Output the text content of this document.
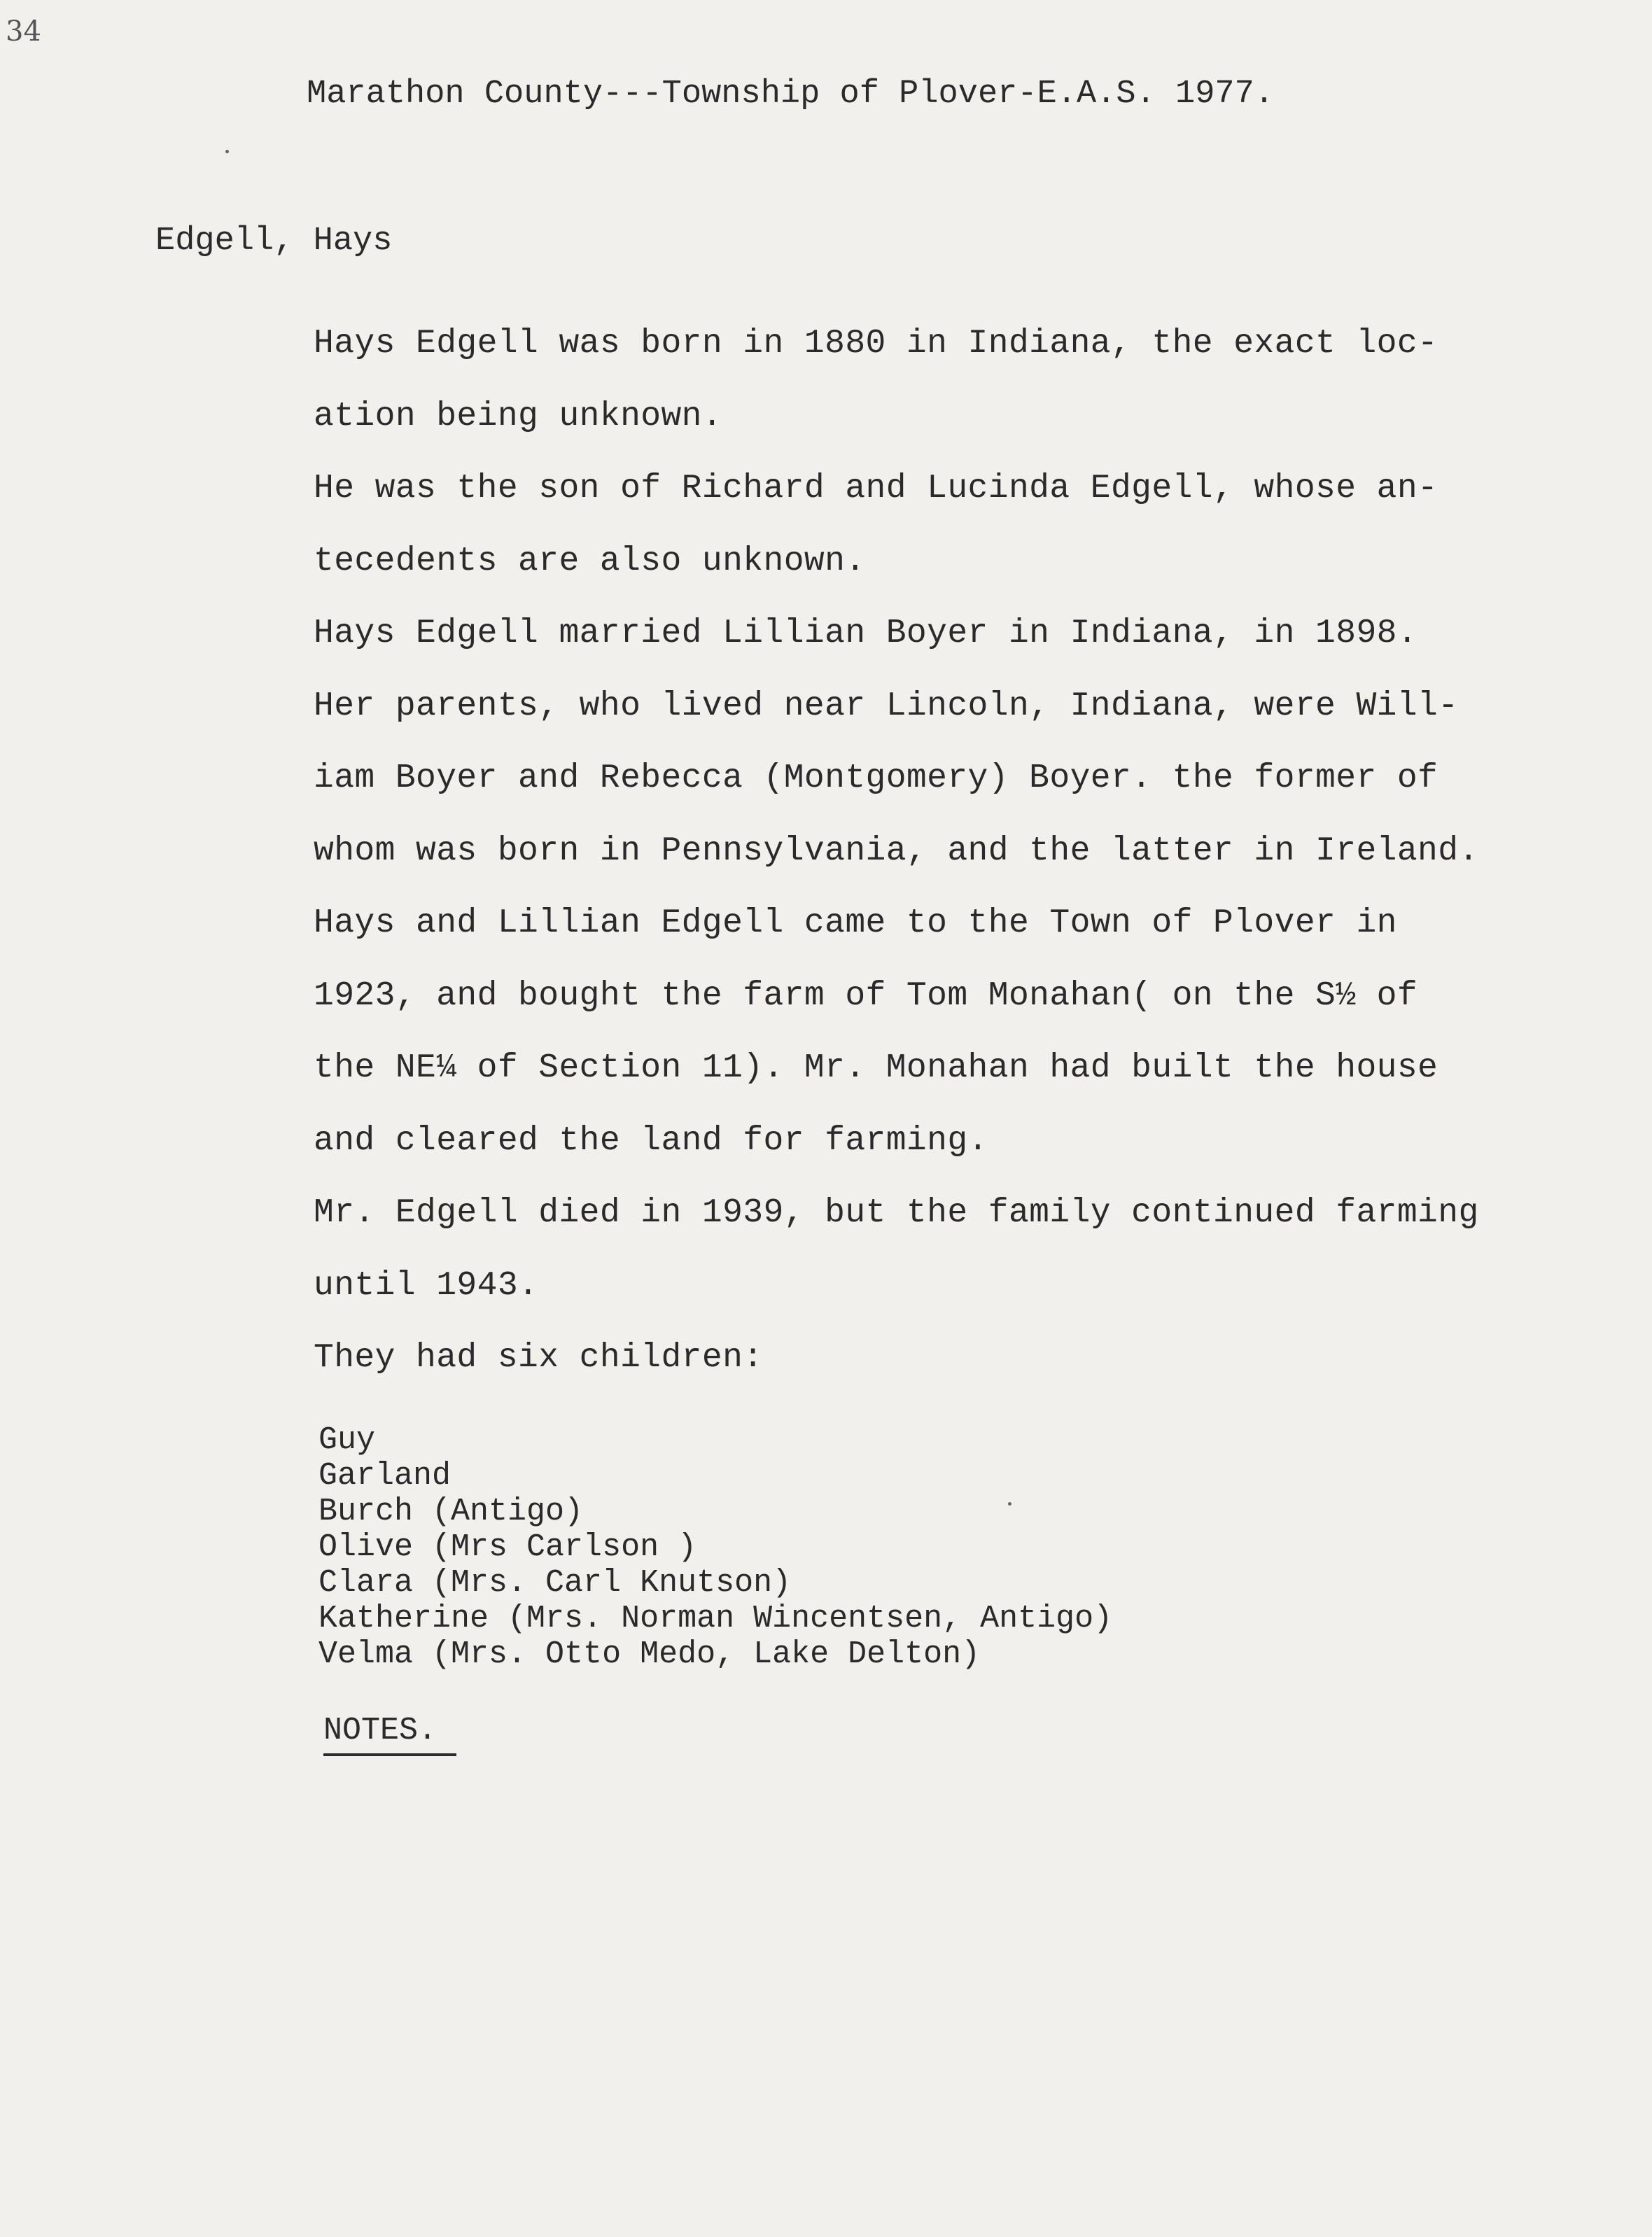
34
Marathon County---Township of Plover-E.A.S. 1977.
Edgell, Hays
Hays Edgell was born in 1880 in Indiana, the exact loc-
ation being unknown.
He was the son of Richard and Lucinda Edgell, whose an-
tecedents are also unknown.
Hays Edgell married Lillian Boyer in Indiana, in 1898.
Her parents, who lived near Lincoln, Indiana, were Will-
iam Boyer and Rebecca (Montgomery) Boyer. the former of
whom was born in Pennsylvania, and the latter in Ireland.
Hays and Lillian Edgell came to the Town of Plover in
1923, and bought the farm of Tom Monahan( on the S½ of
the NE¼ of Section 11). Mr. Monahan had built the house
and cleared the land for farming.
Mr. Edgell died in 1939, but the family continued farming
until 1943.
They had six children:
Guy
Garland
Burch (Antigo)
Olive (Mrs Carlson )
Clara (Mrs. Carl Knutson)
Katherine (Mrs. Norman Wincentsen, Antigo)
Velma (Mrs. Otto Medo, Lake Delton)
NOTES.
